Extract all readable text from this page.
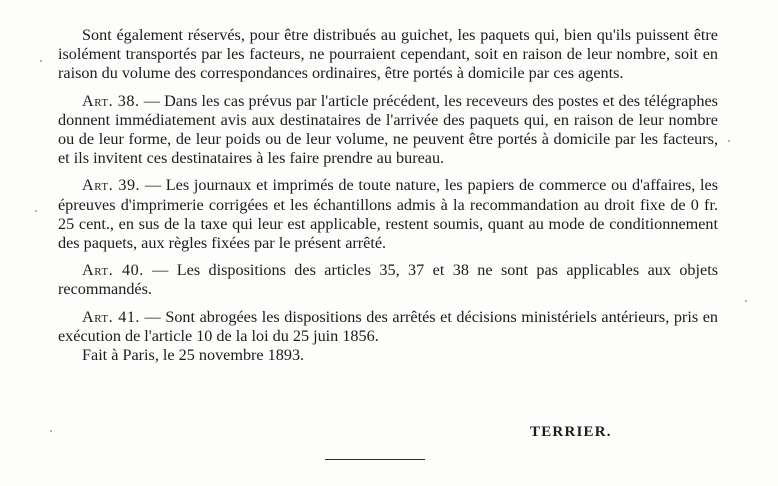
Sont également réservés, pour être distribués au guichet, les paquets qui, bien qu'ils puissent être isolément transportés par les facteurs, ne pourraient cependant, soit en raison de leur nombre, soit en raison du volume des correspondances ordinaires, être portés à domicile par ces agents.

Art. 38. — Dans les cas prévus par l'article précédent, les receveurs des postes et des télégraphes donnent immédiatement avis aux destinataires de l'arrivée des paquets qui, en raison de leur nombre ou de leur forme, de leur poids ou de leur volume, ne peuvent être portés à domicile par les facteurs, et ils invitent ces destinataires à les faire prendre au bureau.

Art. 39. — Les journaux et imprimés de toute nature, les papiers de commerce ou d'affaires, les épreuves d'imprimerie corrigées et les échantillons admis à la recommandation au droit fixe de 0 fr. 25 cent., en sus de la taxe qui leur est applicable, restent soumis, quant au mode de conditionnement des paquets, aux règles fixées par le présent arrêté.

Art. 40. — Les dispositions des articles 35, 37 et 38 ne sont pas applicables aux objets recommandés.

Art. 41. — Sont abrogées les dispositions des arrêtés et décisions ministériels antérieurs, pris en exécution de l'article 10 de la loi du 25 juin 1856.

Fait à Paris, le 25 novembre 1893.

TERRIER.
